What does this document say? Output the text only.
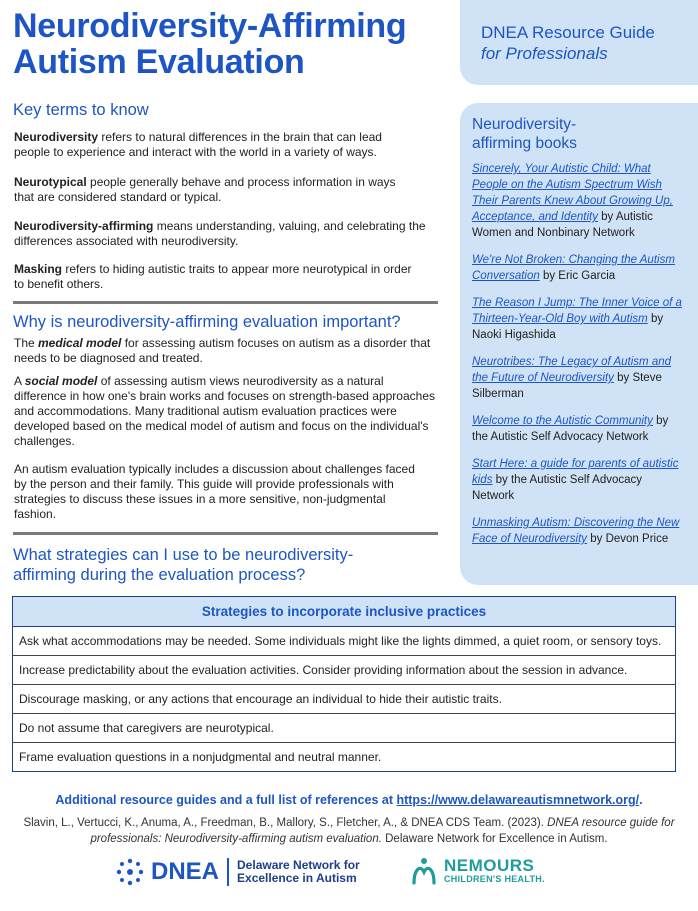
Neurodiversity-Affirming
Autism Evaluation
DNEA Resource Guide
for Professionals
Key terms to know
Neurodiversity refers to natural differences in the brain that can lead people to experience and interact with the world in a variety of ways.
Neurotypical people generally behave and process information in ways that are considered standard or typical.
Neurodiversity-affirming means understanding, valuing, and celebrating the differences associated with neurodiversity.
Masking refers to hiding autistic traits to appear more neurotypical in order to benefit others.
Why is neurodiversity-affirming evaluation important?
The medical model for assessing autism focuses on autism as a disorder that needs to be diagnosed and treated.
A social model of assessing autism views neurodiversity as a natural difference in how one's brain works and focuses on strength-based approaches and accommodations. Many traditional autism evaluation practices were developed based on the medical model of autism and focus on the individual's challenges.
An autism evaluation typically includes a discussion about challenges faced by the person and their family. This guide will provide professionals with strategies to discuss these issues in a more sensitive, non-judgmental fashion.
What strategies can I use to be neurodiversity-
affirming during the evaluation process?
Neurodiversity-affirming books
Sincerely, Your Autistic Child: What People on the Autism Spectrum Wish Their Parents Knew About Growing Up, Acceptance, and Identity by Autistic Women and Nonbinary Network
We're Not Broken: Changing the Autism Conversation by Eric Garcia
The Reason I Jump: The Inner Voice of a Thirteen-Year-Old Boy with Autism by Naoki Higashida
Neurotribes: The Legacy of Autism and the Future of Neurodiversity by Steve Silberman
Welcome to the Autistic Community by the Autistic Self Advocacy Network
Start Here: a guide for parents of autistic kids by the Autistic Self Advocacy Network
Unmasking Autism: Discovering the New Face of Neurodiversity by Devon Price
Strategies to incorporate inclusive practices
Ask what accommodations may be needed. Some individuals might like the lights dimmed, a quiet room, or sensory toys.
Increase predictability about the evaluation activities. Consider providing information about the session in advance.
Discourage masking, or any actions that encourage an individual to hide their autistic traits.
Do not assume that caregivers are neurotypical.
Frame evaluation questions in a nonjudgmental and neutral manner.
Additional resource guides and a full list of references at https://www.delawareautismnetwork.org/.
Slavin, L., Vertucci, K., Anuma, A., Freedman, B., Mallory, S., Fletcher, A., & DNEA CDS Team. (2023). DNEA resource guide for professionals: Neurodiversity-affirming autism evaluation. Delaware Network for Excellence in Autism.
DNEA Delaware Network for
Excellence in Autism
NEMOURS
CHILDREN'S HEALTH.
